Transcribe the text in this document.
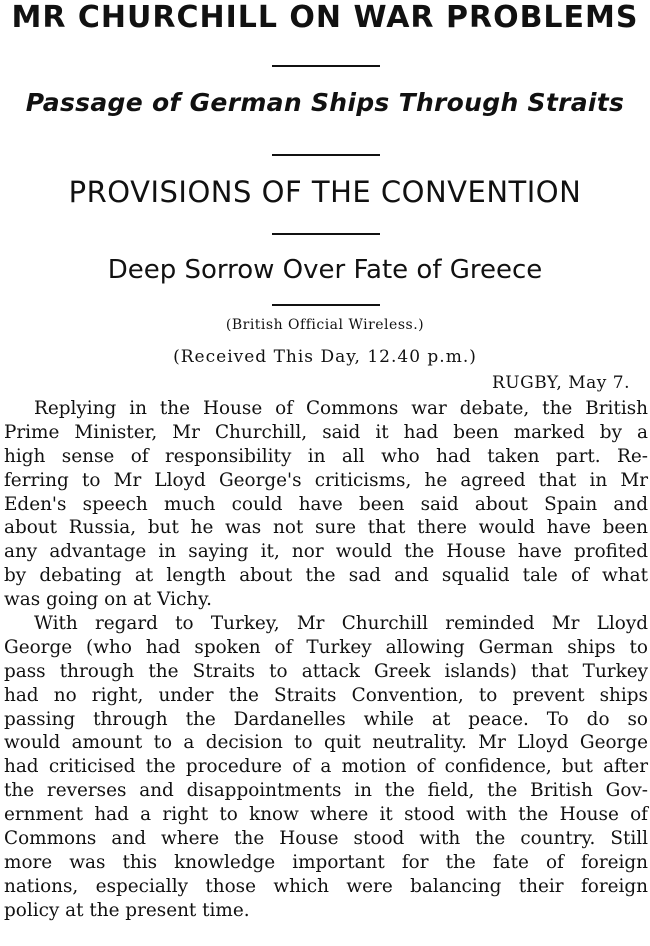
MR CHURCHILL ON WAR PROBLEMS
Passage of German Ships Through Straits
PROVISIONS OF THE CONVENTION
Deep Sorrow Over Fate of Greece
(British Official Wireless.)
(Received This Day, 12.40 p.m.)
RUGBY, May 7.
Replying in the House of Commons war debate, the British
Prime Minister, Mr Churchill, said it had been marked by a
high sense of responsibility in all who had taken part. Re-
ferring to Mr Lloyd George's criticisms, he agreed that in Mr
Eden's speech much could have been said about Spain and
about Russia, but he was not sure that there would have been
any advantage in saying it, nor would the House have profited
by debating at length about the sad and squalid tale of what
was going on at Vichy.
With regard to Turkey, Mr Churchill reminded Mr Lloyd
George (who had spoken of Turkey allowing German ships to
pass through the Straits to attack Greek islands) that Turkey
had no right, under the Straits Convention, to prevent ships
passing through the Dardanelles while at peace. To do so
would amount to a decision to quit neutrality. Mr Lloyd George
had criticised the procedure of a motion of confidence, but after
the reverses and disappointments in the field, the British Gov-
ernment had a right to know where it stood with the House of
Commons and where the House stood with the country. Still
more was this knowledge important for the fate of foreign
nations, especially those which were balancing their foreign
policy at the present time.
